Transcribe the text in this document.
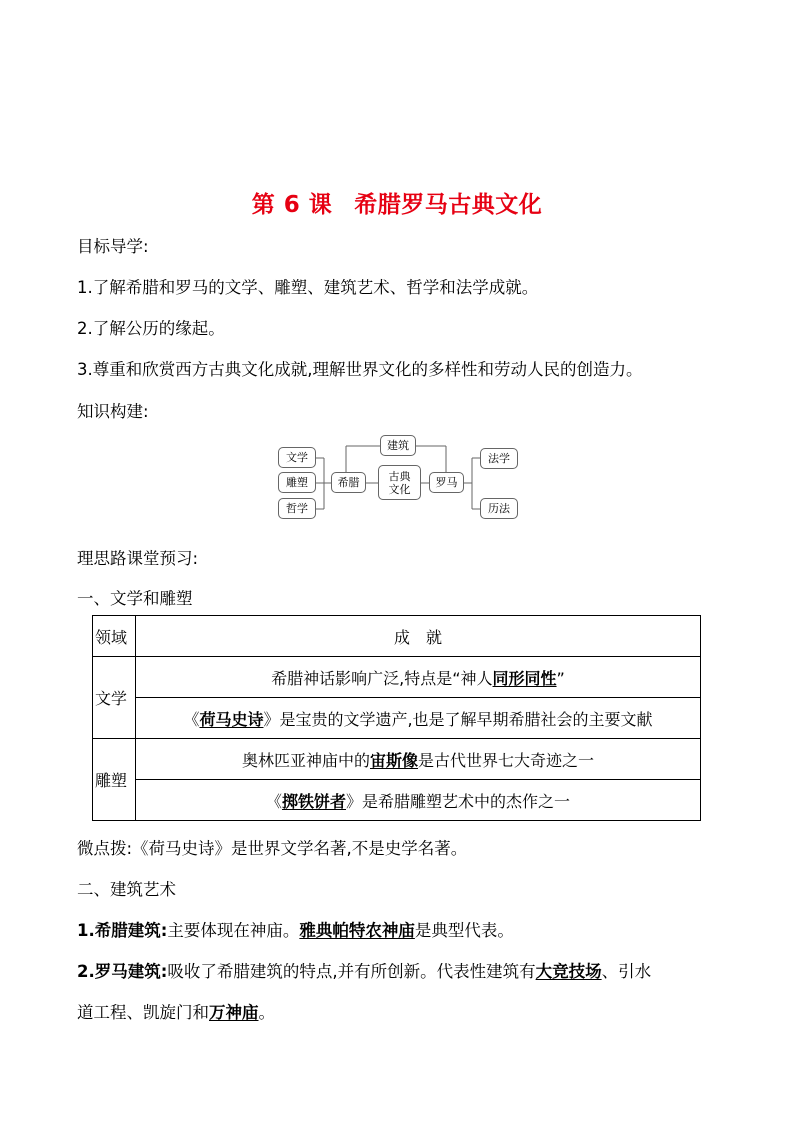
第 6 课 希腊罗马古典文化
目标导学:
1.了解希腊和罗马的文学、雕塑、建筑艺术、哲学和法学成就。
2.了解公历的缘起。
3.尊重和欣赏西方古典文化成就,理解世界文化的多样性和劳动人民的创造力。
知识构建:
文学
雕塑
哲学
希腊
建筑
古典
文化	罗马
法学
历法
理思路课堂预习:
一、文学和雕塑
领域	成　就
文学	希腊神话影响广泛,特点是“神人同形同性”
	《荷马史诗》是宝贵的文学遗产,也是了解早期希腊社会的主要文献
雕塑	奥林匹亚神庙中的宙斯像是古代世界七大奇迹之一
	《掷铁饼者》是希腊雕塑艺术中的杰作之一
微点拨:《荷马史诗》是世界文学名著,不是史学名著。
二、建筑艺术
1.希腊建筑:主要体现在神庙。雅典帕特农神庙是典型代表。
2.罗马建筑:吸收了希腊建筑的特点,并有所创新。代表性建筑有大竞技场、引水
道工程、凯旋门和万神庙。
